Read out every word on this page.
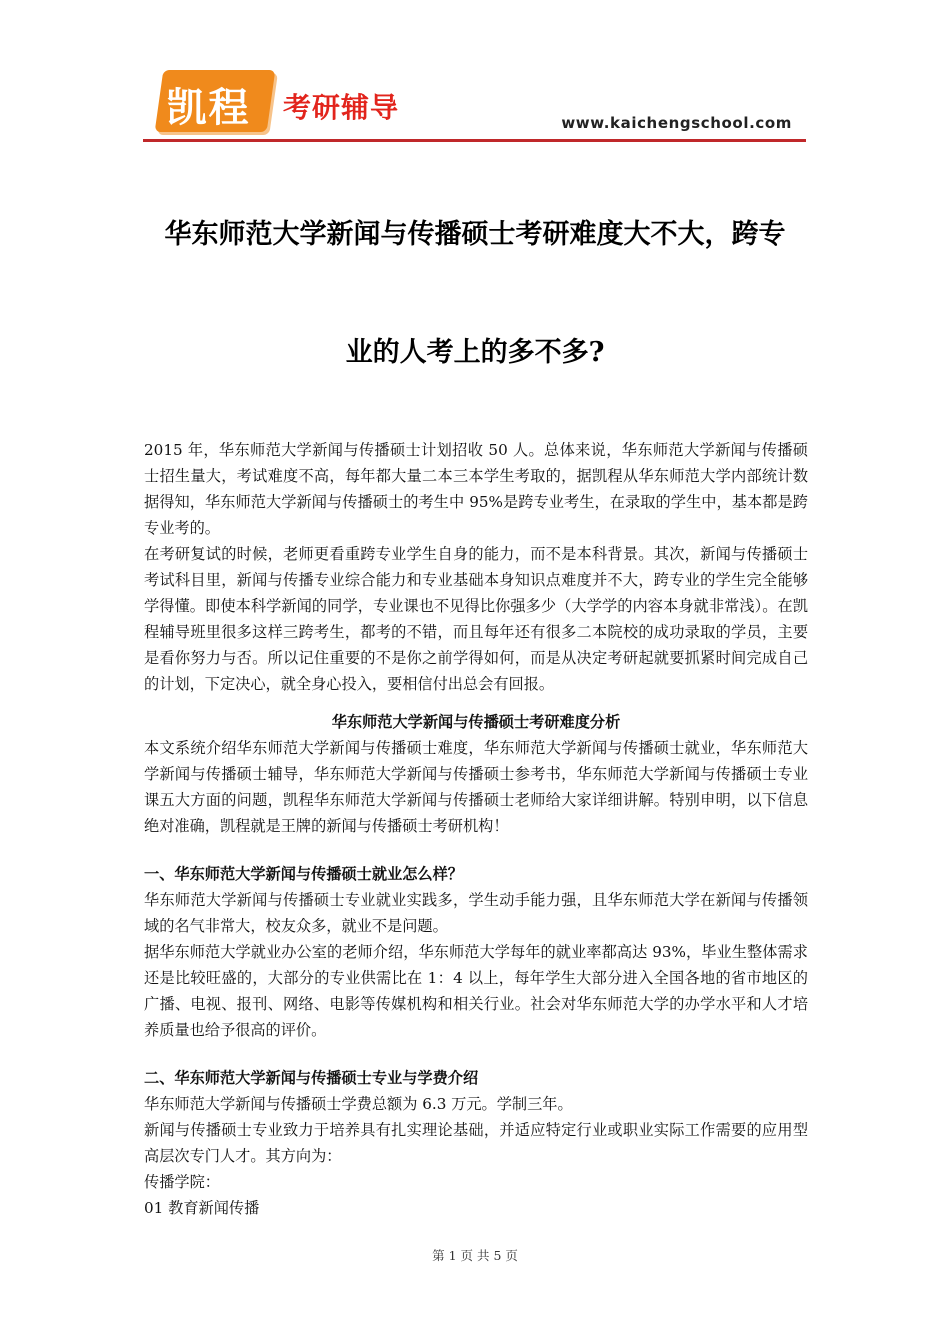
凯程 考研辅导	www.kaichengschool.com
华东师范大学新闻与传播硕士考研难度大不大，跨专
业的人考上的多不多?

2015 年，华东师范大学新闻与传播硕士计划招收 50 人。总体来说，华东师范大学新闻与传播硕士招生量大，考试难度不高，每年都大量二本三本学生考取的，据凯程从华东师范大学内部统计数据得知，华东师范大学新闻与传播硕士的考生中 95%是跨专业考生，在录取的学生中，基本都是跨专业考的。

在考研复试的时候，老师更看重跨专业学生自身的能力，而不是本科背景。其次，新闻与传播硕士考试科目里，新闻与传播专业综合能力和专业基础本身知识点难度并不大，跨专业的学生完全能够学得懂。即使本科学新闻的同学，专业课也不见得比你强多少（大学学的内容本身就非常浅）。在凯程辅导班里很多这样三跨考生，都考的不错，而且每年还有很多二本院校的成功录取的学员，主要是看你努力与否。所以记住重要的不是你之前学得如何，而是从决定考研起就要抓紧时间完成自己的计划，下定决心，就全身心投入，要相信付出总会有回报。

华东师范大学新闻与传播硕士考研难度分析

本文系统介绍华东师范大学新闻与传播硕士难度，华东师范大学新闻与传播硕士就业，华东师范大学新闻与传播硕士辅导，华东师范大学新闻与传播硕士参考书，华东师范大学新闻与传播硕士专业课五大方面的问题，凯程华东师范大学新闻与传播硕士老师给大家详细讲解。特别申明，以下信息绝对准确，凯程就是王牌的新闻与传播硕士考研机构！

一、华东师范大学新闻与传播硕士就业怎么样？

华东师范大学新闻与传播硕士专业就业实践多，学生动手能力强，且华东师范大学在新闻与传播领域的名气非常大，校友众多，就业不是问题。

据华东师范大学就业办公室的老师介绍，华东师范大学每年的就业率都高达 93%，毕业生整体需求还是比较旺盛的，大部分的专业供需比在 1：4 以上，每年学生大部分进入全国各地的省市地区的广播、电视、报刊、网络、电影等传媒机构和相关行业。社会对华东师范大学的办学水平和人才培养质量也给予很高的评价。

二、华东师范大学新闻与传播硕士专业与学费介绍

华东师范大学新闻与传播硕士学费总额为 6.3 万元。学制三年。

新闻与传播硕士专业致力于培养具有扎实理论基础，并适应特定行业或职业实际工作需要的应用型高层次专门人才。其方向为：

传播学院：

01 教育新闻传播

第 1 页 共 5 页
